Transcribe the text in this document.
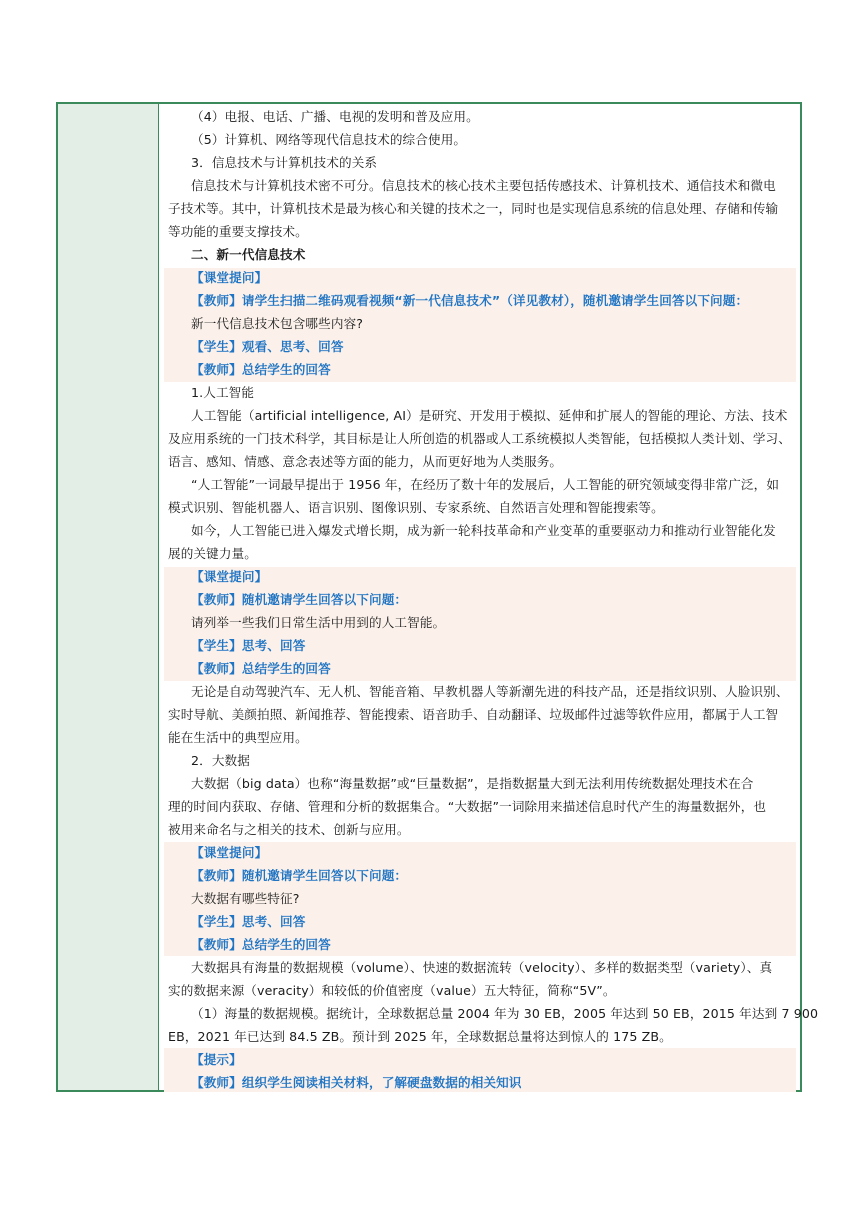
（4）电报、电话、广播、电视的发明和普及应用。
（5）计算机、网络等现代信息技术的综合使用。
3．信息技术与计算机技术的关系
信息技术与计算机技术密不可分。信息技术的核心技术主要包括传感技术、计算机技术、通信技术和微电
子技术等。其中，计算机技术是最为核心和关键的技术之一，同时也是实现信息系统的信息处理、存储和传输
等功能的重要支撑技术。
二、新一代信息技术
【课堂提问】
【教师】请学生扫描二维码观看视频“新一代信息技术”（详见教材），随机邀请学生回答以下问题：
新一代信息技术包含哪些内容?
【学生】观看、思考、回答
【教师】总结学生的回答
1.人工智能
人工智能（artificial intelligence, AI）是研究、开发用于模拟、延伸和扩展人的智能的理论、方法、技术
及应用系统的一门技术科学，其目标是让人所创造的机器或人工系统模拟人类智能，包括模拟人类计划、学习、
语言、感知、情感、意念表述等方面的能力，从而更好地为人类服务。
“人工智能”一词最早提出于 1956 年，在经历了数十年的发展后，人工智能的研究领域变得非常广泛，如
模式识别、智能机器人、语言识别、图像识别、专家系统、自然语言处理和智能搜索等。
如今，人工智能已进入爆发式增长期，成为新一轮科技革命和产业变革的重要驱动力和推动行业智能化发
展的关键力量。
【课堂提问】
【教师】随机邀请学生回答以下问题：
请列举一些我们日常生活中用到的人工智能。
【学生】思考、回答
【教师】总结学生的回答
无论是自动驾驶汽车、无人机、智能音箱、早教机器人等新潮先进的科技产品，还是指纹识别、人脸识别、
实时导航、美颜拍照、新闻推荐、智能搜索、语音助手、自动翻译、垃圾邮件过滤等软件应用，都属于人工智
能在生活中的典型应用。
2．大数据
大数据（big data）也称“海量数据”或“巨量数据”，是指数据量大到无法利用传统数据处理技术在合
理的时间内获取、存储、管理和分析的数据集合。“大数据”一词除用来描述信息时代产生的海量数据外，也
被用来命名与之相关的技术、创新与应用。
【课堂提问】
【教师】随机邀请学生回答以下问题：
大数据有哪些特征?
【学生】思考、回答
【教师】总结学生的回答
大数据具有海量的数据规模（volume）、快速的数据流转（velocity）、多样的数据类型（variety）、真
实的数据来源（veracity）和较低的价值密度（value）五大特征，简称“5V”。
（1）海量的数据规模。据统计，全球数据总量 2004 年为 30 EB，2005 年达到 50 EB，2015 年达到 7 900
EB，2021 年已达到 84.5 ZB。预计到 2025 年，全球数据总量将达到惊人的 175 ZB。
【提示】
【教师】组织学生阅读相关材料，了解硬盘数据的相关知识
